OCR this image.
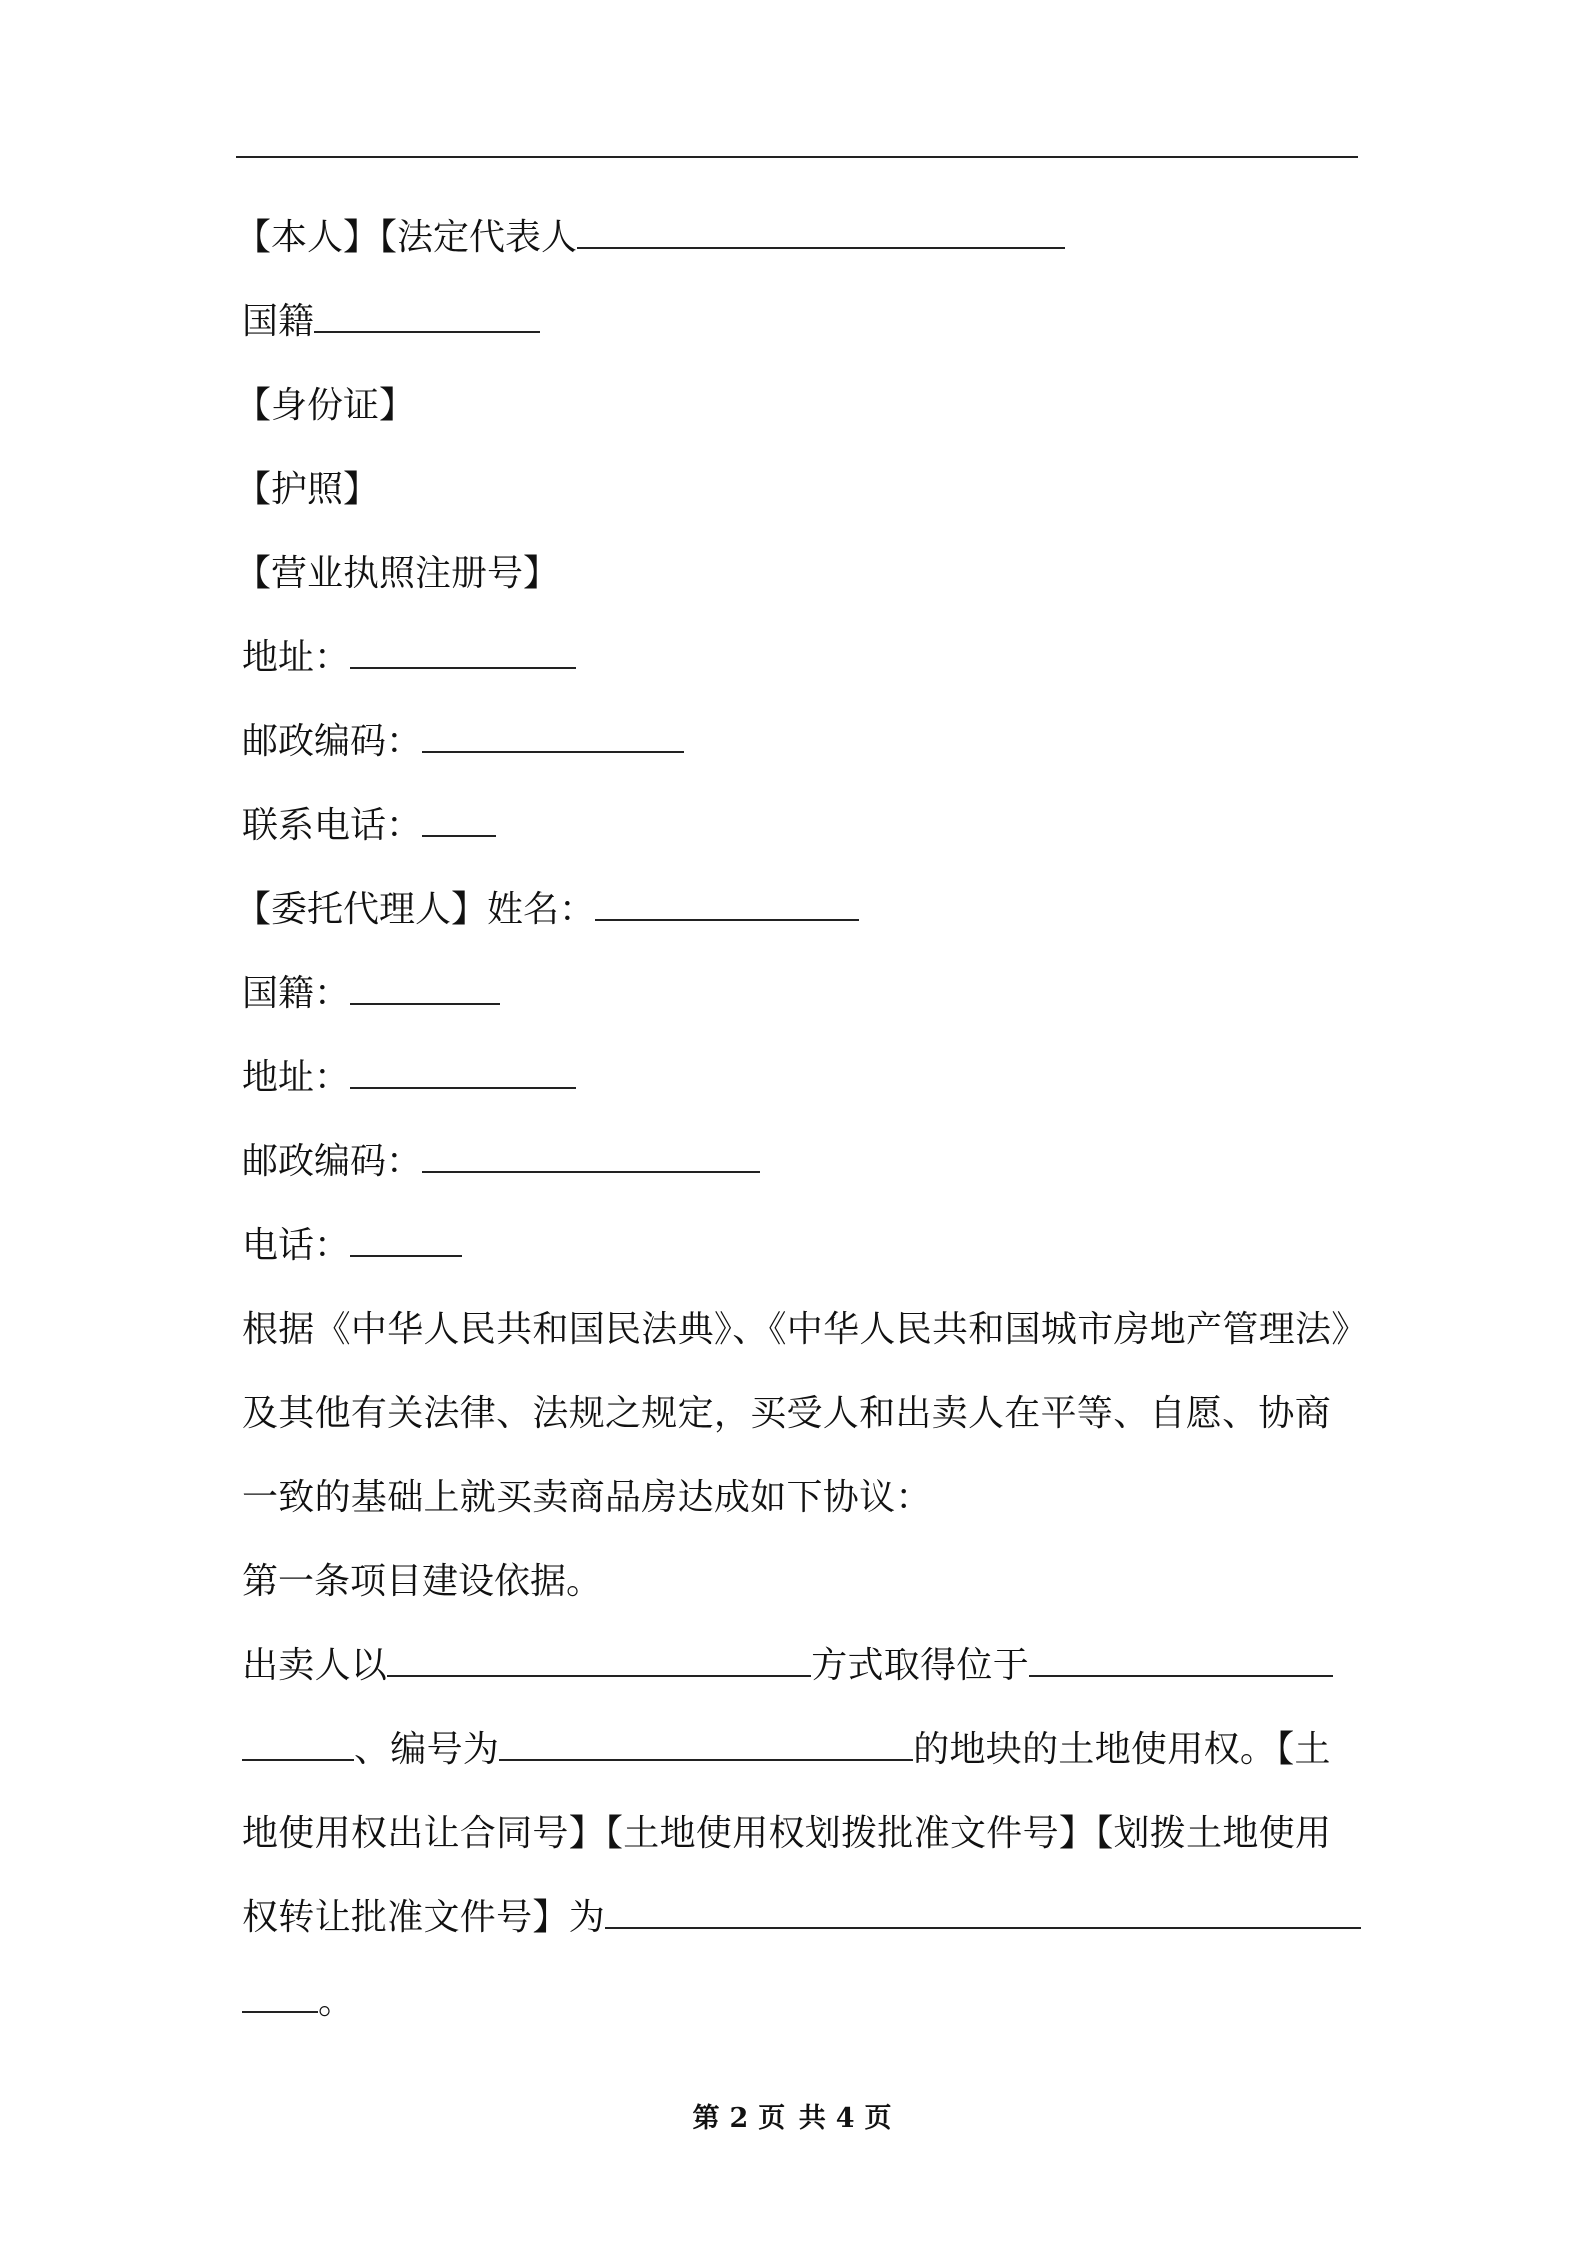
【本人】【法定代表人
国籍
【身份证】
【护照】
【营业执照注册号】
地址：
邮政编码：
联系电话：
【委托代理人】姓名：
国籍：
地址：
邮政编码：
电话：
根据《中华人民共和国民法典》、《中华人民共和国城市房地产管理法》
及其他有关法律、法规之规定，买受人和出卖人在平等、自愿、协商
一致的基础上就买卖商品房达成如下协议：
第一条项目建设依据。
出卖人以	方式取得位于
、编号为	的地块的土地使用权。【土
地使用权出让合同号】【土地使用权划拨批准文件号】【划拨土地使用
权转让批准文件号】为
。
第 2 页 共 4 页
